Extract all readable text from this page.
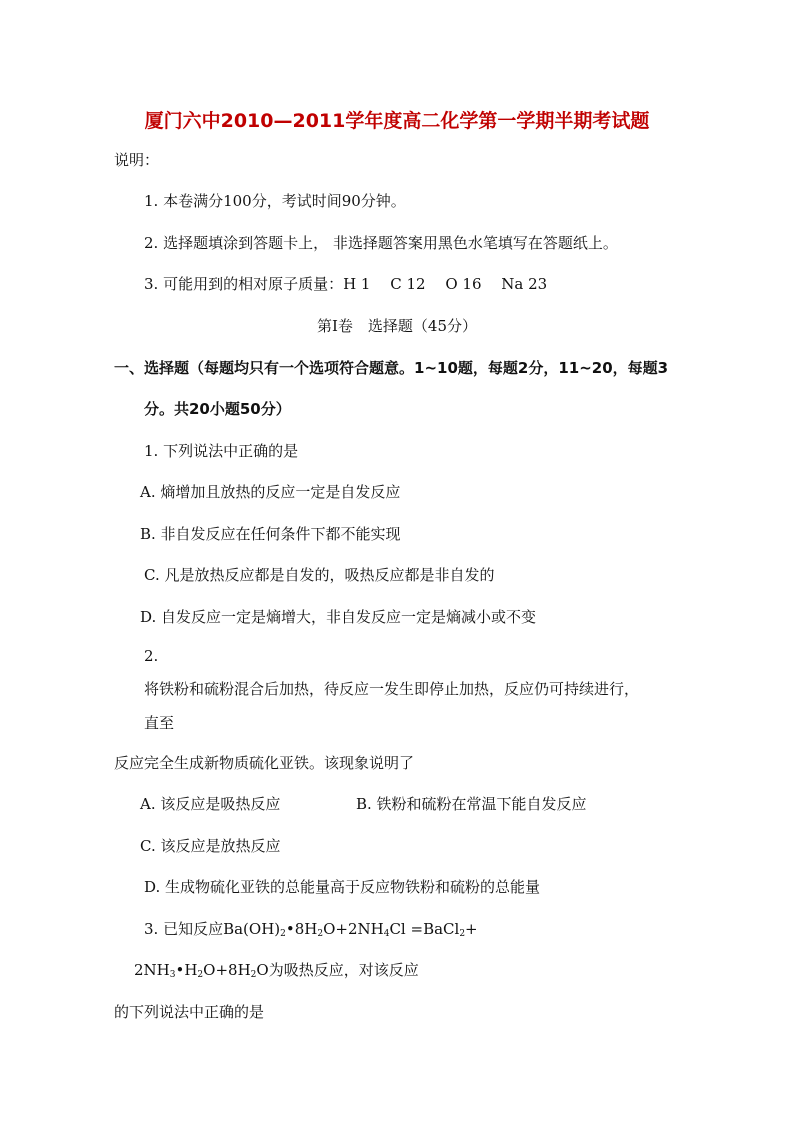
厦门六中2010—2011学年度高二化学第一学期半期考试题
说明：
1. 本卷满分100分，考试时间90分钟。
2. 选择题填涂到答题卡上， 非选择题答案用黑色水笔填写在答题纸上。
3. 可能用到的相对原子质量：H 1　 C 12　 O 16　 Na 23
第I卷　选择题（45分）
一、选择题（每题均只有一个选项符合题意。1~10题，每题2分，11~20，每题3
分。共20小题50分）
1. 下列说法中正确的是
A. 熵增加且放热的反应一定是自发反应
B. 非自发反应在任何条件下都不能实现
C. 凡是放热反应都是自发的，吸热反应都是非自发的
D. 自发反应一定是熵增大，非自发反应一定是熵减小或不变
2.
将铁粉和硫粉混合后加热，待反应一发生即停止加热，反应仍可持续进行，
直至
反应完全生成新物质硫化亚铁。该现象说明了
A. 该反应是吸热反应	B. 铁粉和硫粉在常温下能自发反应
C. 该反应是放热反应
D. 生成物硫化亚铁的总能量高于反应物铁粉和硫粉的总能量
3. 已知反应$Ba(OH)_2•8H_2O+2NH_4Cl$ =BaCl$_2$+
$2NH_3•H_2O+8H_2O$为吸热反应，对该反应
的下列说法中正确的是
